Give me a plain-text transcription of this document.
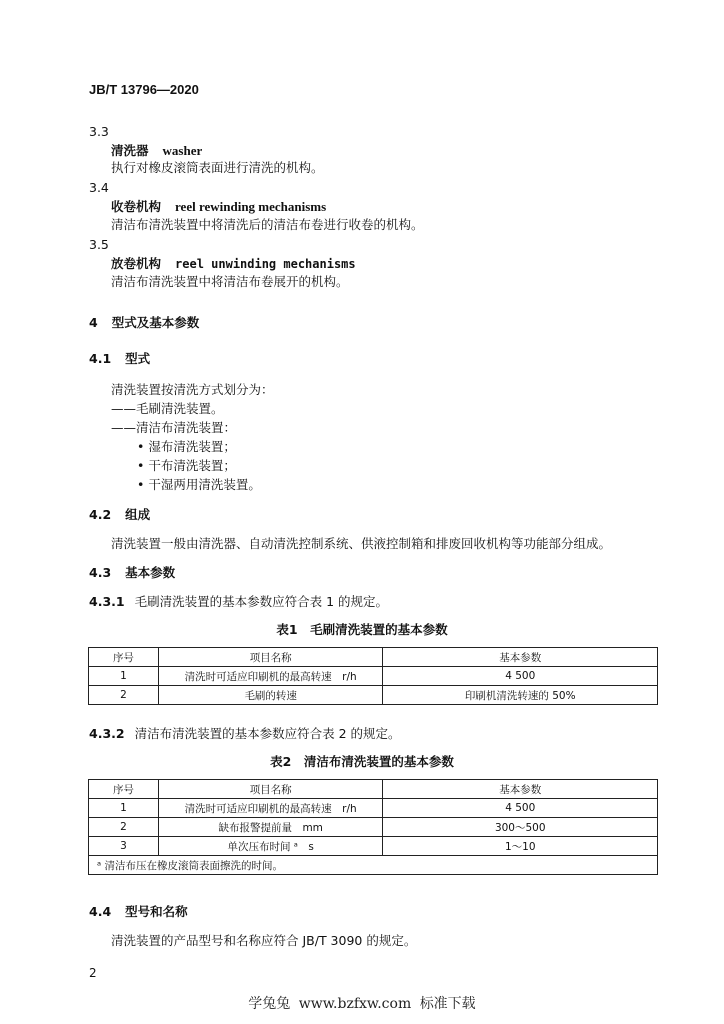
JB/T 13796—2020
3.3
清洗器 washer
执行对橡皮滚筒表面进行清洗的机构。
3.4
收卷机构 reel rewinding mechanisms
清洁布清洗装置中将清洗后的清洁布卷进行收卷的机构。
3.5
放卷机构 reel unwinding mechanisms
清洁布清洗装置中将清洁布卷展开的机构。
4 型式及基本参数
4.1 型式
清洗装置按清洗方式划分为：
——毛刷清洗装置。
——清洁布清洗装置：
• 湿布清洗装置；
• 干布清洗装置；
• 干湿两用清洗装置。
4.2 组成
清洗装置一般由清洗器、自动清洗控制系统、供液控制箱和排废回收机构等功能部分组成。
4.3 基本参数
4.3.1 毛刷清洗装置的基本参数应符合表 1 的规定。
表1　毛刷清洗装置的基本参数
序号	项目名称	基本参数
1	清洗时可适应印刷机的最高转速　r/h	4 500
2	毛刷的转速	印刷机清洗转速的 50%
4.3.2 清洁布清洗装置的基本参数应符合表 2 的规定。
表2　清洁布清洗装置的基本参数
序号	项目名称	基本参数
1	清洗时可适应印刷机的最高转速　r/h	4 500
2	缺布报警提前量　mm	300～500
3	单次压布时间 ᵃ　s	1～10
ᵃ 清洁布压在橡皮滚筒表面擦洗的时间。		
4.4 型号和名称
清洗装置的产品型号和名称应符合 JB/T 3090 的规定。
2
学兔兔 www.bzfxw.com 标准下载
